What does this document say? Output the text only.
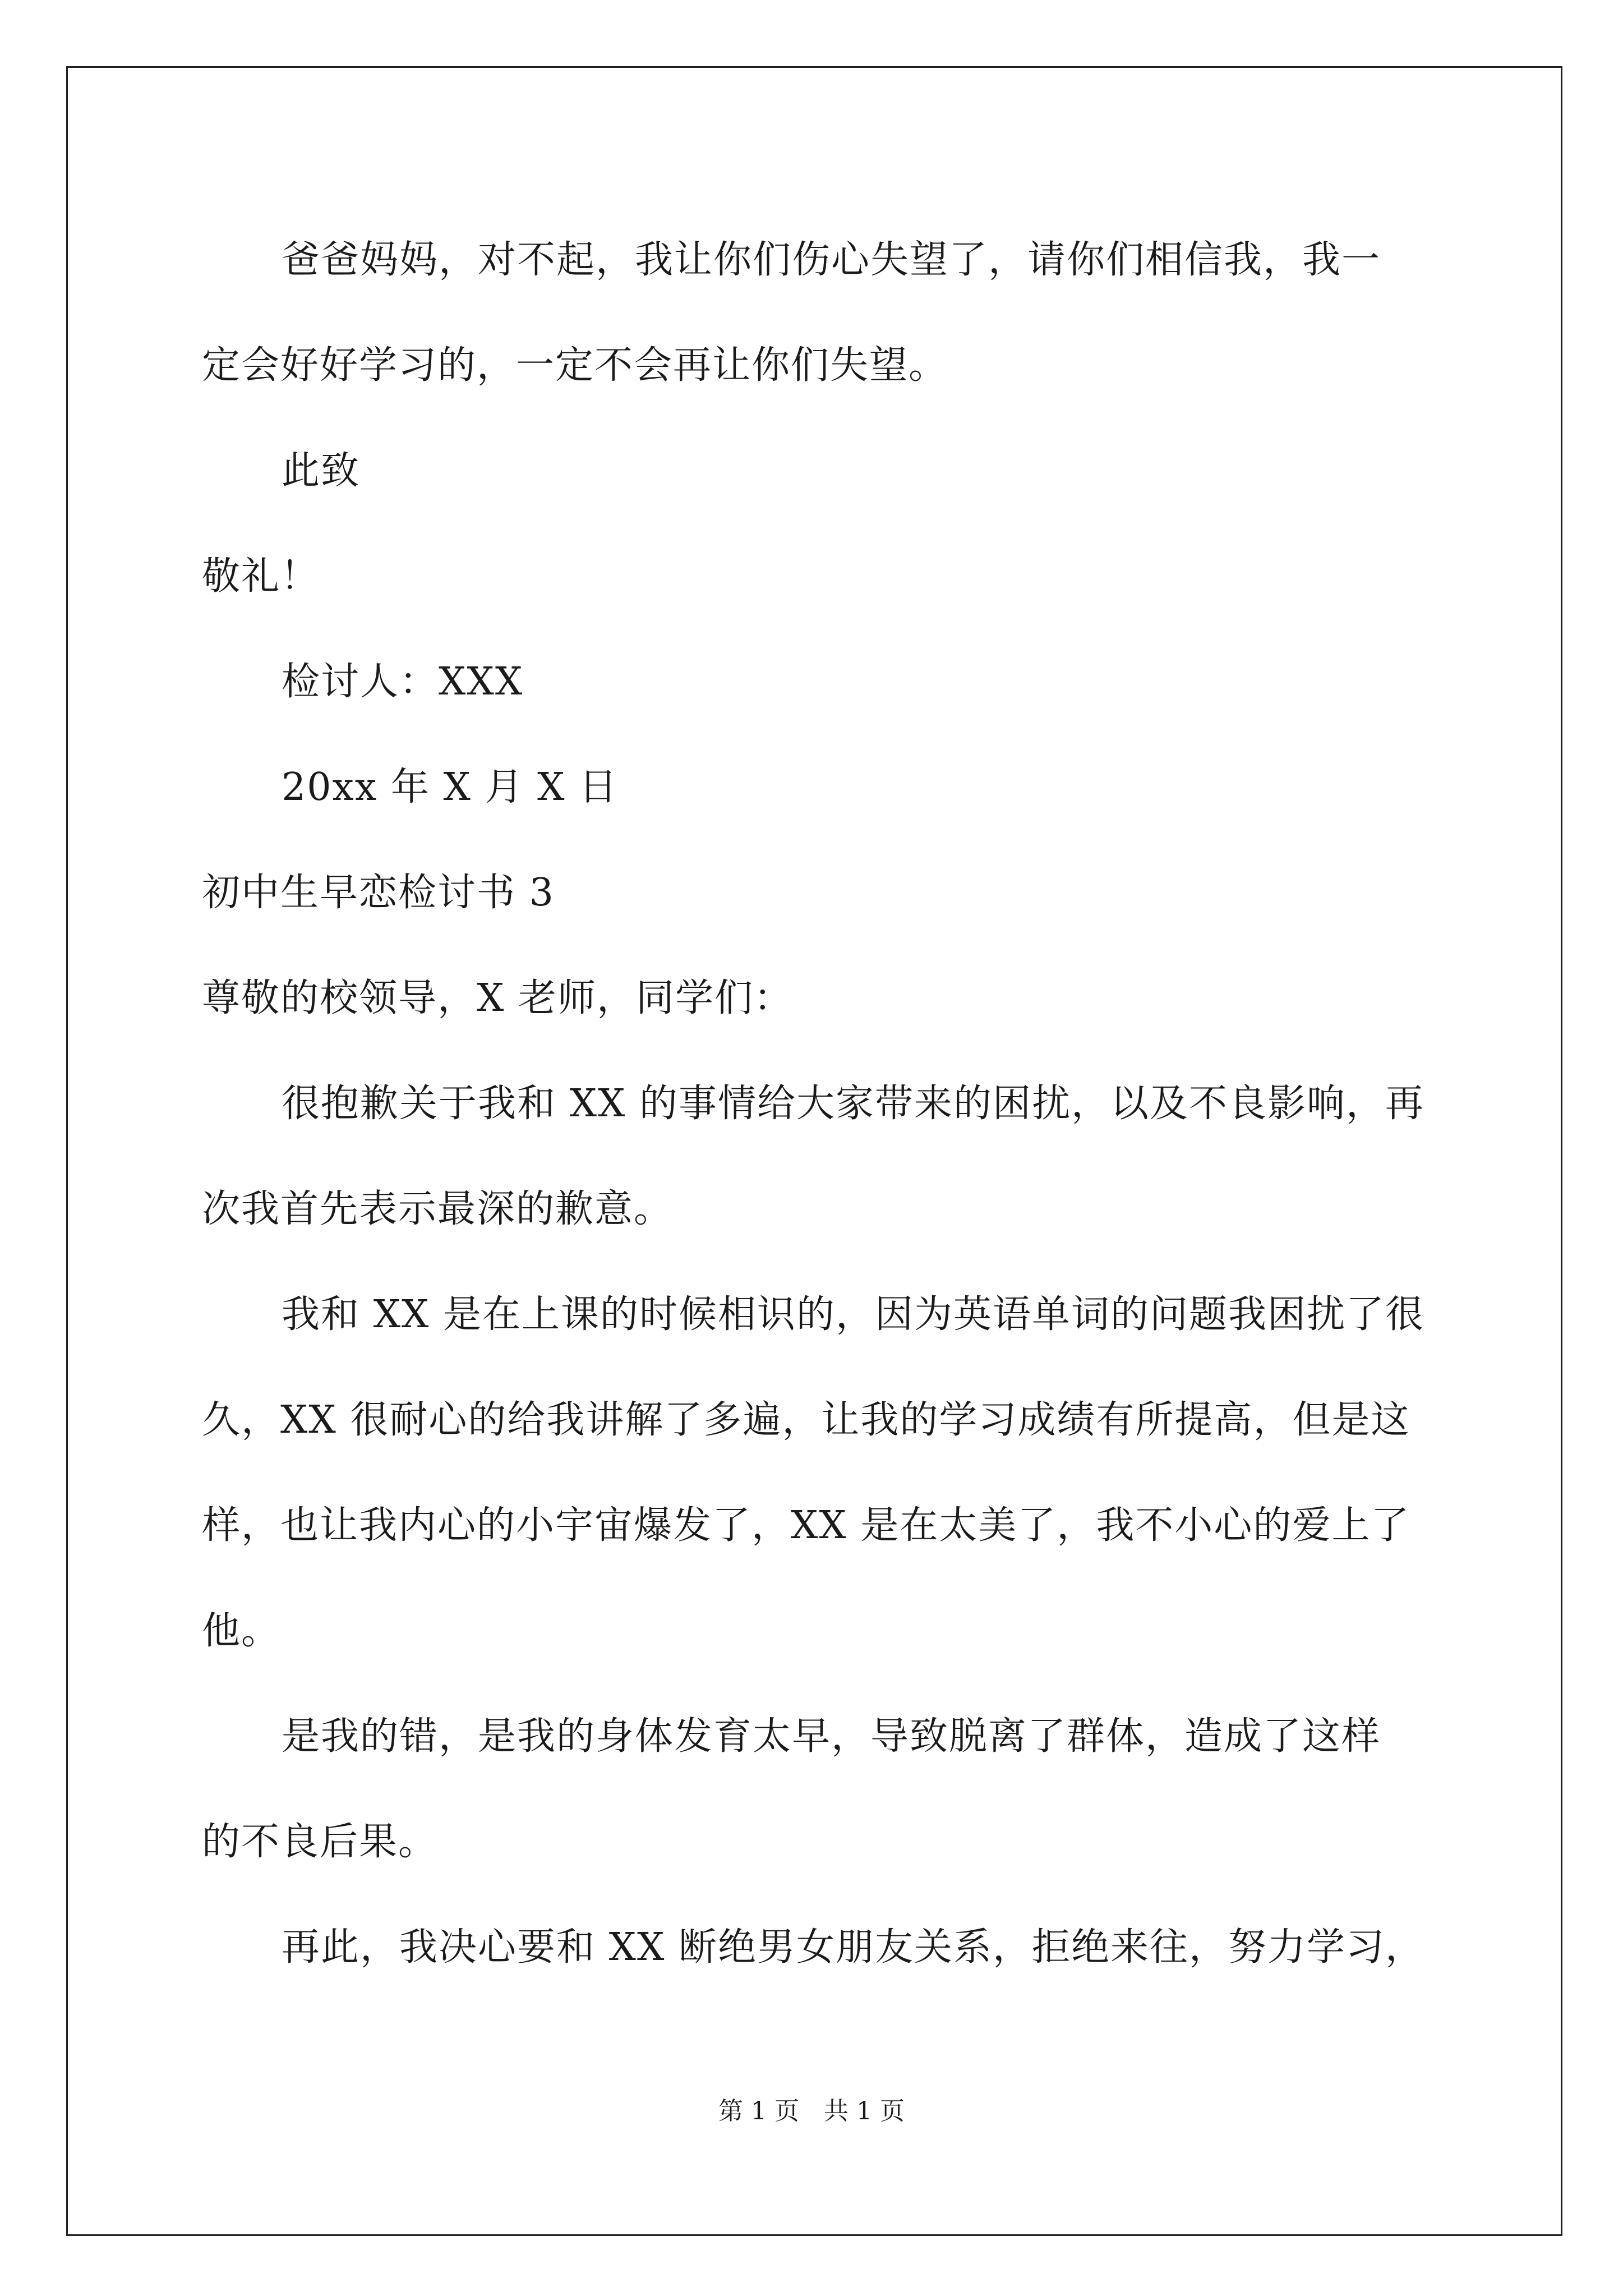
爸爸妈妈，对不起，我让你们伤心失望了，请你们相信我，我一
定会好好学习的，一定不会再让你们失望。
此致
敬礼！
检讨人：XXX
20xx 年 X 月 X 日
初中生早恋检讨书 3
尊敬的校领导，X 老师，同学们：
很抱歉关于我和 XX 的事情给大家带来的困扰，以及不良影响，再
次我首先表示最深的歉意。
我和 XX 是在上课的时候相识的，因为英语单词的问题我困扰了很
久，XX 很耐心的给我讲解了多遍，让我的学习成绩有所提高，但是这
样，也让我内心的小宇宙爆发了，XX 是在太美了，我不小心的爱上了
他。
是我的错，是我的身体发育太早，导致脱离了群体，造成了这样
的不良后果。
再此，我决心要和 XX 断绝男女朋友关系，拒绝来往，努力学习，
第 1 页 共 1 页
